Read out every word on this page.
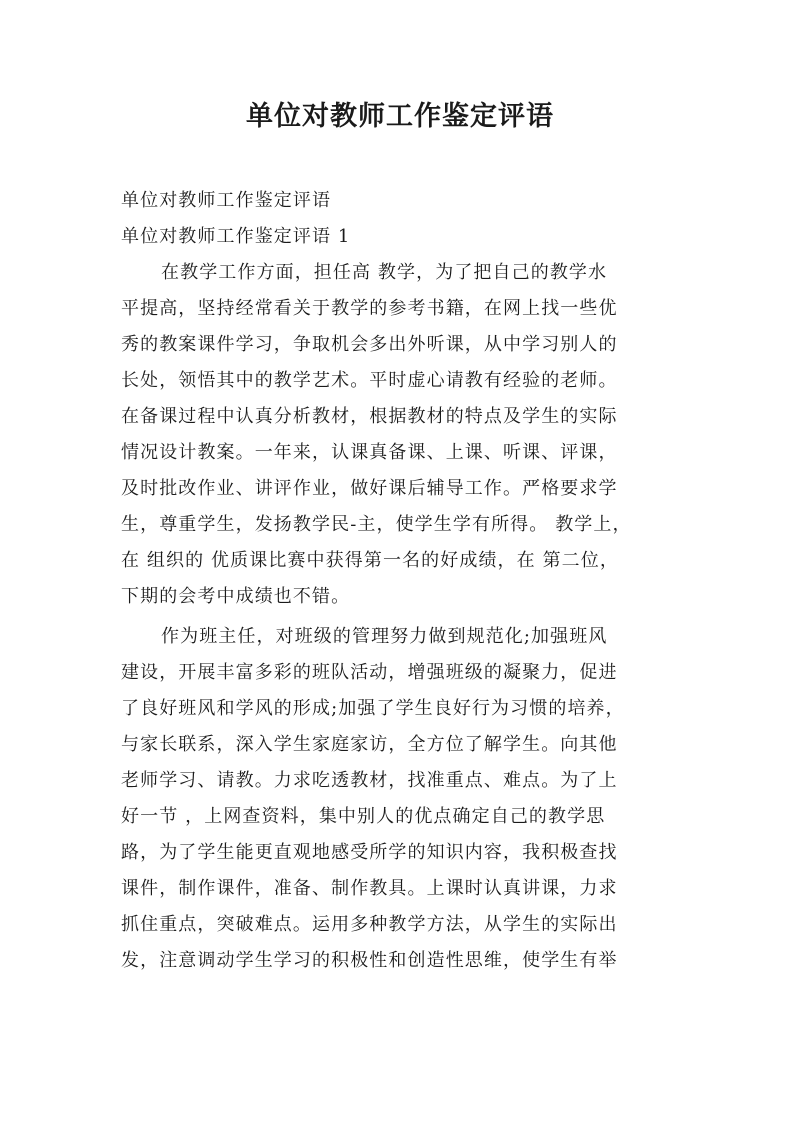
单位对教师工作鉴定评语
单位对教师工作鉴定评语
单位对教师工作鉴定评语 1
在教学工作方面，担任高 教学，为了把自己的教学水
平提高，坚持经常看关于教学的参考书籍，在网上找一些优
秀的教案课件学习，争取机会多出外听课，从中学习别人的
长处，领悟其中的教学艺术。平时虚心请教有经验的老师。
在备课过程中认真分析教材，根据教材的特点及学生的实际
情况设计教案。一年来，认课真备课、上课、听课、评课，
及时批改作业、讲评作业，做好课后辅导工作。严格要求学
生，尊重学生，发扬教学民-主，使学生学有所得。 教学上，
在 组织的 优质课比赛中获得第一名的好成绩，在 第二位，
下期的会考中成绩也不错。
作为班主任，对班级的管理努力做到规范化;加强班风
建设，开展丰富多彩的班队活动，增强班级的凝聚力，促进
了良好班风和学风的形成;加强了学生良好行为习惯的培养，
与家长联系，深入学生家庭家访，全方位了解学生。向其他
老师学习、请教。力求吃透教材，找准重点、难点。为了上
好一节 ，上网查资料，集中别人的优点确定自己的教学思
路，为了学生能更直观地感受所学的知识内容，我积极查找
课件，制作课件，准备、制作教具。上课时认真讲课，力求
抓住重点，突破难点。运用多种教学方法，从学生的实际出
发，注意调动学生学习的积极性和创造性思维，使学生有举
